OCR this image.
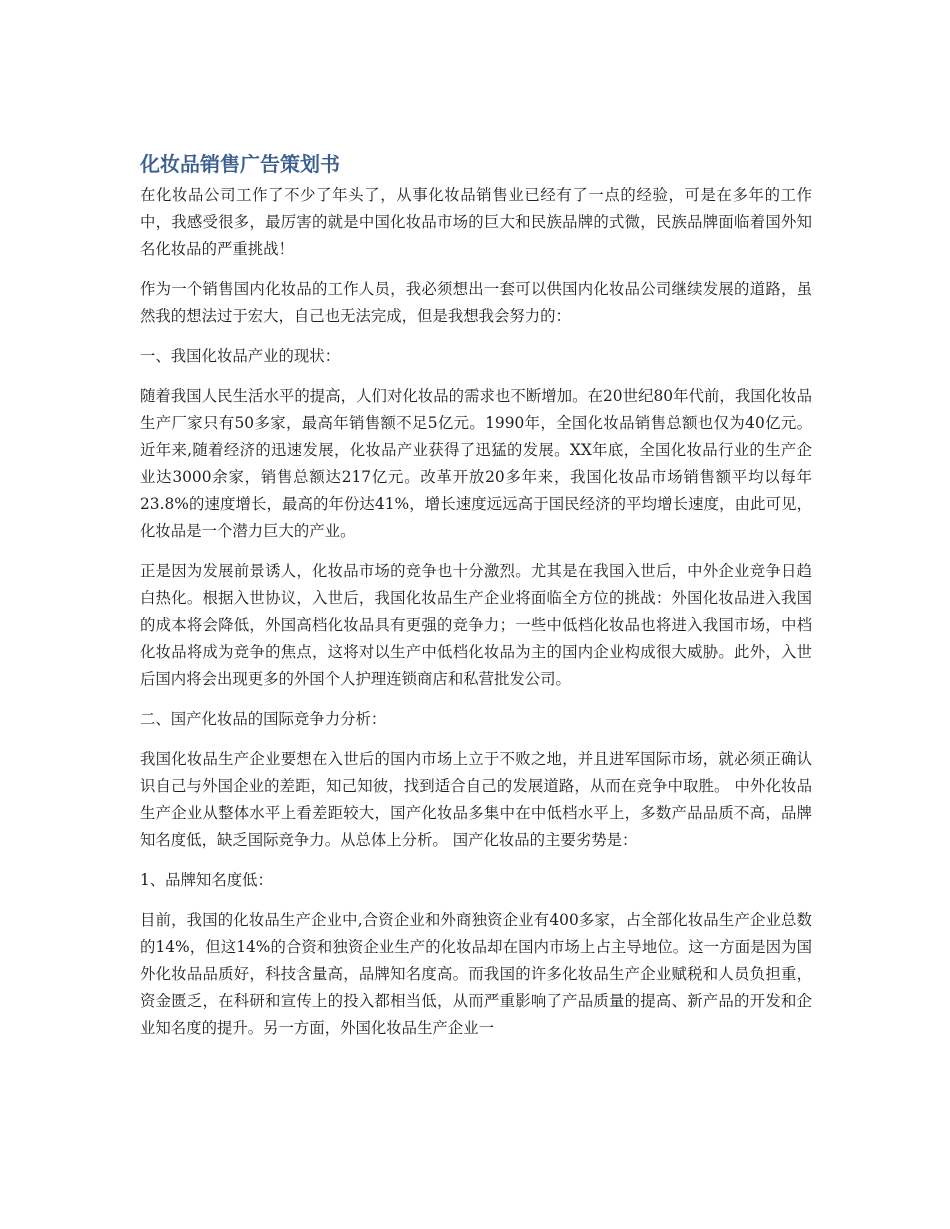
化妆品销售广告策划书

在化妆品公司工作了不少了年头了，从事化妆品销售业已经有了一点的经验，可是在多年的工作中，我感受很多，最厉害的就是中国化妆品市场的巨大和民族品牌的式微，民族品牌面临着国外知名化妆品的严重挑战！

作为一个销售国内化妆品的工作人员，我必须想出一套可以供国内化妆品公司继续发展的道路，虽然我的想法过于宏大，自己也无法完成，但是我想我会努力的：

一、我国化妆品产业的现状：

随着我国人民生活水平的提高，人们对化妆品的需求也不断增加。在20世纪80年代前，我国化妆品生产厂家只有50多家，最高年销售额不足5亿元。1990年，全国化妆品销售总额也仅为40亿元。近年来,随着经济的迅速发展，化妆品产业获得了迅猛的发展。XX年底，全国化妆品行业的生产企业达3000余家，销售总额达217亿元。改革开放20多年来，我国化妆品市场销售额平均以每年23.8%的速度增长，最高的年份达41%，增长速度远远高于国民经济的平均增长速度，由此可见，化妆品是一个潜力巨大的产业。

正是因为发展前景诱人，化妆品市场的竞争也十分激烈。尤其是在我国入世后，中外企业竞争日趋白热化。根据入世协议，入世后，我国化妆品生产企业将面临全方位的挑战：外国化妆品进入我国的成本将会降低，外国高档化妆品具有更强的竞争力；一些中低档化妆品也将进入我国市场，中档化妆品将成为竞争的焦点，这将对以生产中低档化妆品为主的国内企业构成很大威胁。此外，入世后国内将会出现更多的外国个人护理连锁商店和私营批发公司。

二、国产化妆品的国际竞争力分析：

我国化妆品生产企业要想在入世后的国内市场上立于不败之地，并且进军国际市场，就必须正确认识自己与外国企业的差距，知己知彼，找到适合自己的发展道路，从而在竞争中取胜。 中外化妆品生产企业从整体水平上看差距较大，国产化妆品多集中在中低档水平上，多数产品品质不高，品牌知名度低，缺乏国际竞争力。从总体上分析。 国产化妆品的主要劣势是：

1、品牌知名度低：

目前，我国的化妆品生产企业中,合资企业和外商独资企业有400多家，占全部化妆品生产企业总数的14%，但这14%的合资和独资企业生产的化妆品却在国内市场上占主导地位。这一方面是因为国外化妆品品质好，科技含量高，品牌知名度高。而我国的许多化妆品生产企业赋税和人员负担重，资金匮乏，在科研和宣传上的投入都相当低，从而严重影响了产品质量的提高、新产品的开发和企业知名度的提升。另一方面，外国化妆品生产企业一
